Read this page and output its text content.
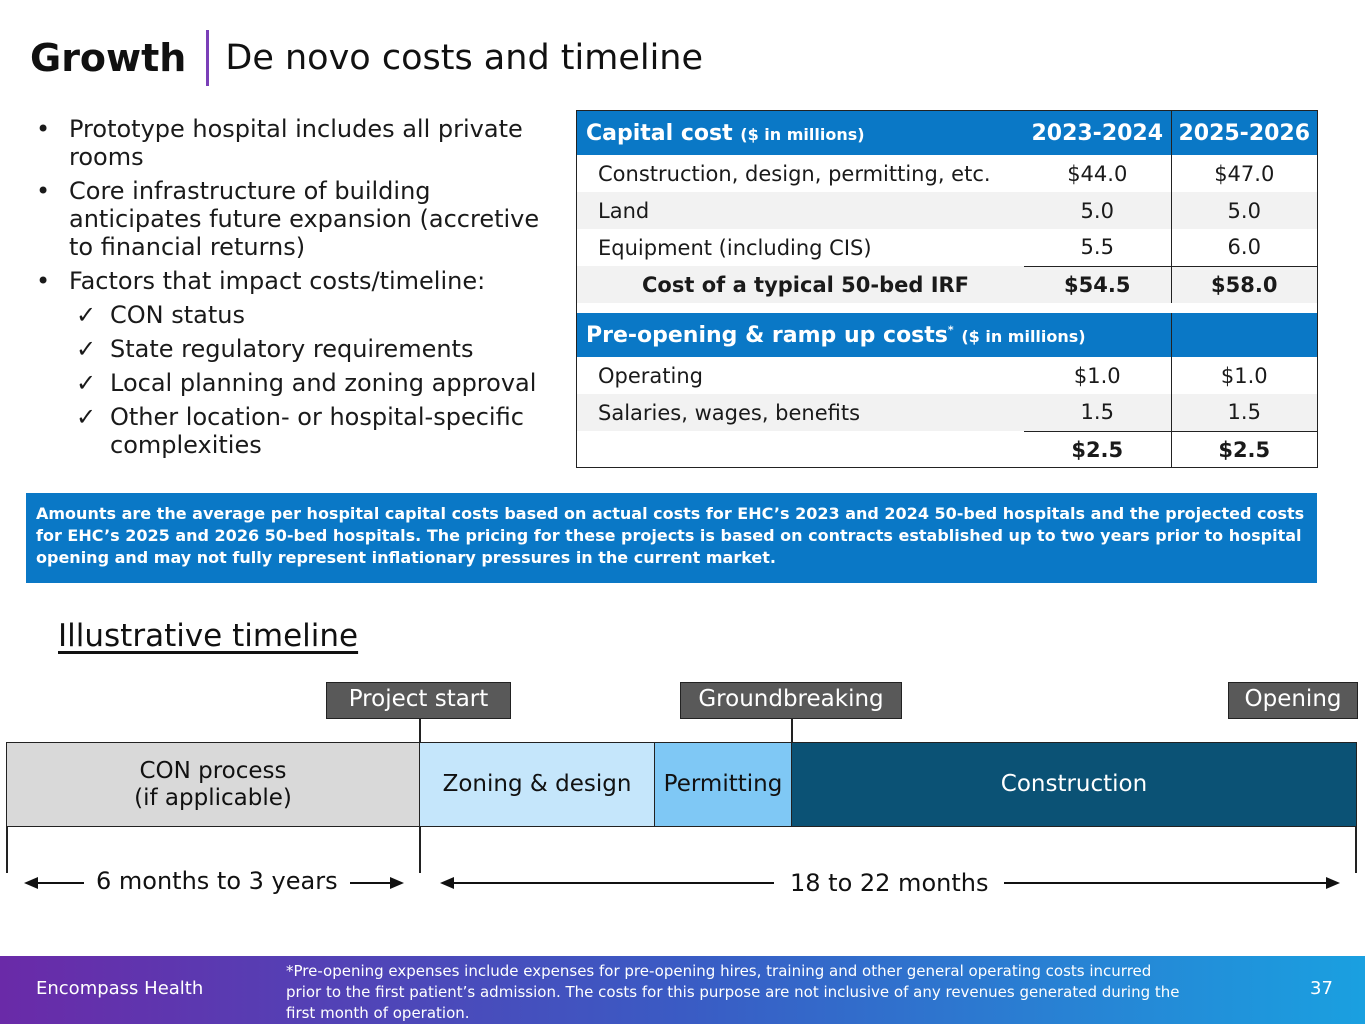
Growth De novo costs and timeline
• Prototype hospital includes all private rooms
• Core infrastructure of building anticipates future expansion (accretive to financial returns)
• Factors that impact costs/timeline:
✓ CON status
✓ State regulatory requirements
✓ Local planning and zoning approval
✓ Other location- or hospital-specific complexities
Capital cost ($ in millions)	2023-2024	2025-2026
Construction, design, permitting, etc.	$44.0	$47.0
Land	5.0	5.0
Equipment (including CIS)	5.5	6.0
Cost of a typical 50-bed IRF	$54.5	$58.0

Pre-opening & ramp up costs* ($ in millions)		
Operating	$1.0	$1.0
Salaries, wages, benefits	1.5	1.5
	$2.5	$2.5
Amounts are the average per hospital capital costs based on actual costs for EHC’s 2023 and 2024 50-bed hospitals and the projected costs for EHC’s 2025 and 2026 50-bed hospitals. The pricing for these projects is based on contracts established up to two years prior to hospital opening and may not fully represent inflationary pressures in the current market.
Illustrative timeline
Project start	Groundbreaking	Opening
CON process
(if applicable)
Zoning & design	Permitting	Construction
6 months to 3 years	18 to 22 months
Encompass Health
*Pre-opening expenses include expenses for pre-opening hires, training and other general operating costs incurred prior to the first patient’s admission. The costs for this purpose are not inclusive of any revenues generated during the first month of operation.
37
